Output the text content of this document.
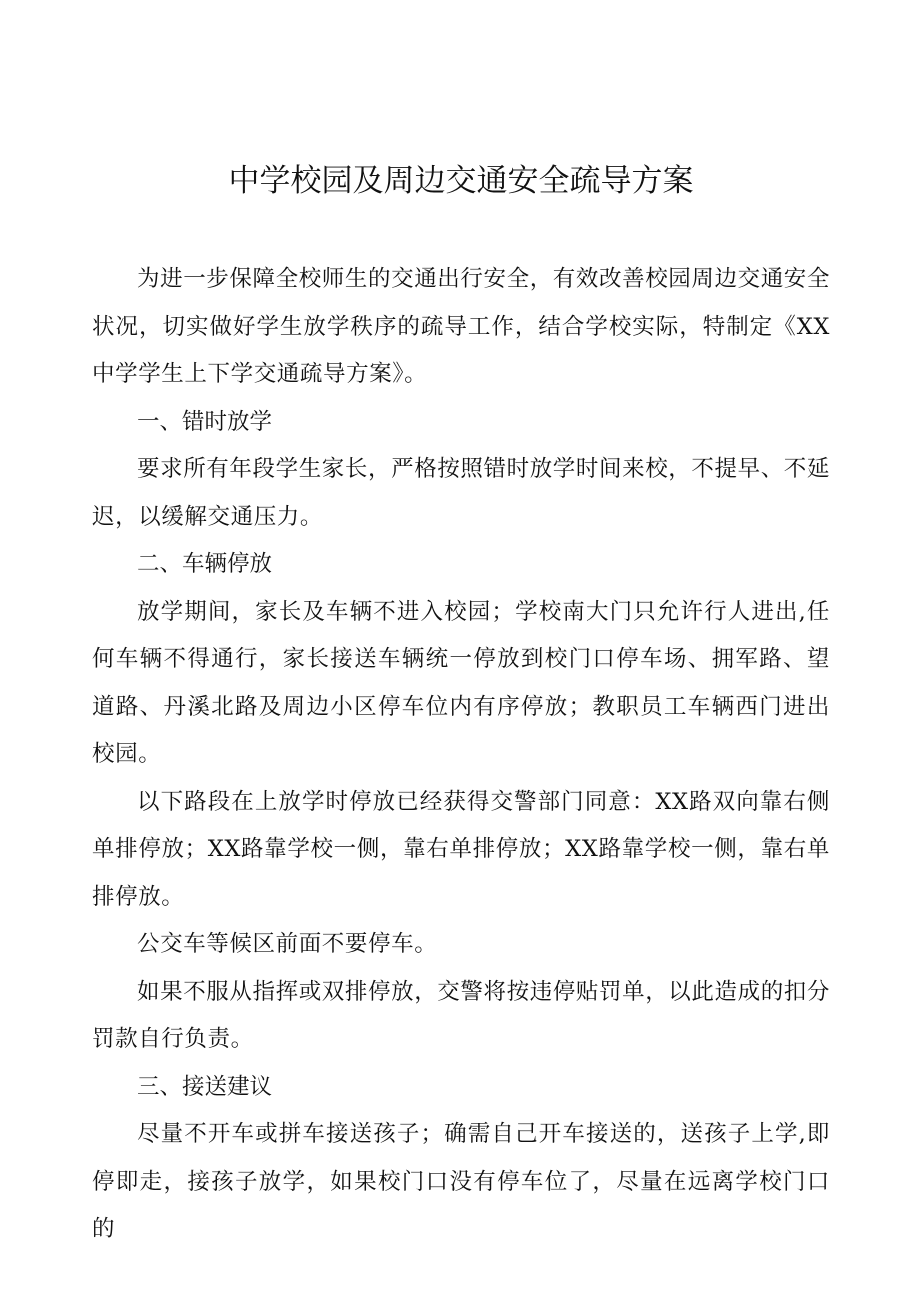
中学校园及周边交通安全疏导方案

为进一步保障全校师生的交通出行安全，有效改善校园周边交通安全状况，切实做好学生放学秩序的疏导工作，结合学校实际，特制定《XX中学学生上下学交通疏导方案》。

一、错时放学

要求所有年段学生家长，严格按照错时放学时间来校，不提早、不延迟，以缓解交通压力。

二、车辆停放

放学期间，家长及车辆不进入校园；学校南大门只允许行人进出,任何车辆不得通行，家长接送车辆统一停放到校门口停车场、拥军路、望道路、丹溪北路及周边小区停车位内有序停放；教职员工车辆西门进出校园。

以下路段在上放学时停放已经获得交警部门同意：XX路双向靠右侧单排停放；XX路靠学校一侧，靠右单排停放；XX路靠学校一侧，靠右单排停放。

公交车等候区前面不要停车。

如果不服从指挥或双排停放，交警将按违停贴罚单，以此造成的扣分罚款自行负责。

三、接送建议

尽量不开车或拼车接送孩子；确需自己开车接送的，送孩子上学,即停即走，接孩子放学，如果校门口没有停车位了，尽量在远离学校门口的
